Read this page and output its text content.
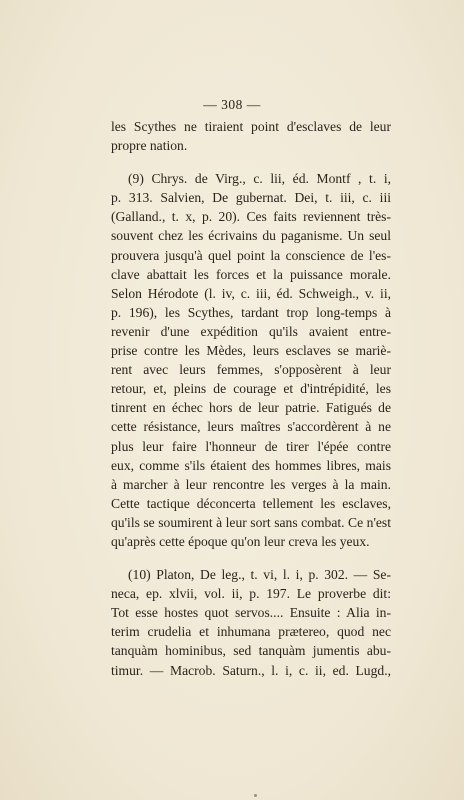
— 308 —
les Scythes ne tiraient point d'esclaves de leur
propre nation.
(9) Chrys. de Virg., c. lii, éd. Montf , t. i,
p. 313. Salvien, De gubernat. Dei, t. iii, c. iii
(Galland., t. x, p. 20). Ces faits reviennent très-
souvent chez les écrivains du paganisme. Un seul
prouvera jusqu'à quel point la conscience de l'es-
clave abattait les forces et la puissance morale.
Selon Hérodote (l. iv, c. iii, éd. Schweigh., v. ii,
p. 196), les Scythes, tardant trop long-temps à
revenir d'une expédition qu'ils avaient entre-
prise contre les Mèdes, leurs esclaves se mariè-
rent avec leurs femmes, s'opposèrent à leur
retour, et, pleins de courage et d'intrépidité, les
tinrent en échec hors de leur patrie. Fatigués de
cette résistance, leurs maîtres s'accordèrent à ne
plus leur faire l'honneur de tirer l'épée contre
eux, comme s'ils étaient des hommes libres, mais
à marcher à leur rencontre les verges à la main.
Cette tactique déconcerta tellement les esclaves,
qu'ils se soumirent à leur sort sans combat. Ce n'est
qu'après cette époque qu'on leur creva les yeux.
(10) Platon, De leg., t. vi, l. i, p. 302. — Se-
neca, ep. xlvii, vol. ii, p. 197. Le proverbe dit:
Tot esse hostes quot servos.... Ensuite : Alia in-
terim crudelia et inhumana prætereo, quod nec
tanquàm hominibus, sed tanquàm jumentis abu-
timur. — Macrob. Saturn., l. i, c. ii, ed. Lugd.,
